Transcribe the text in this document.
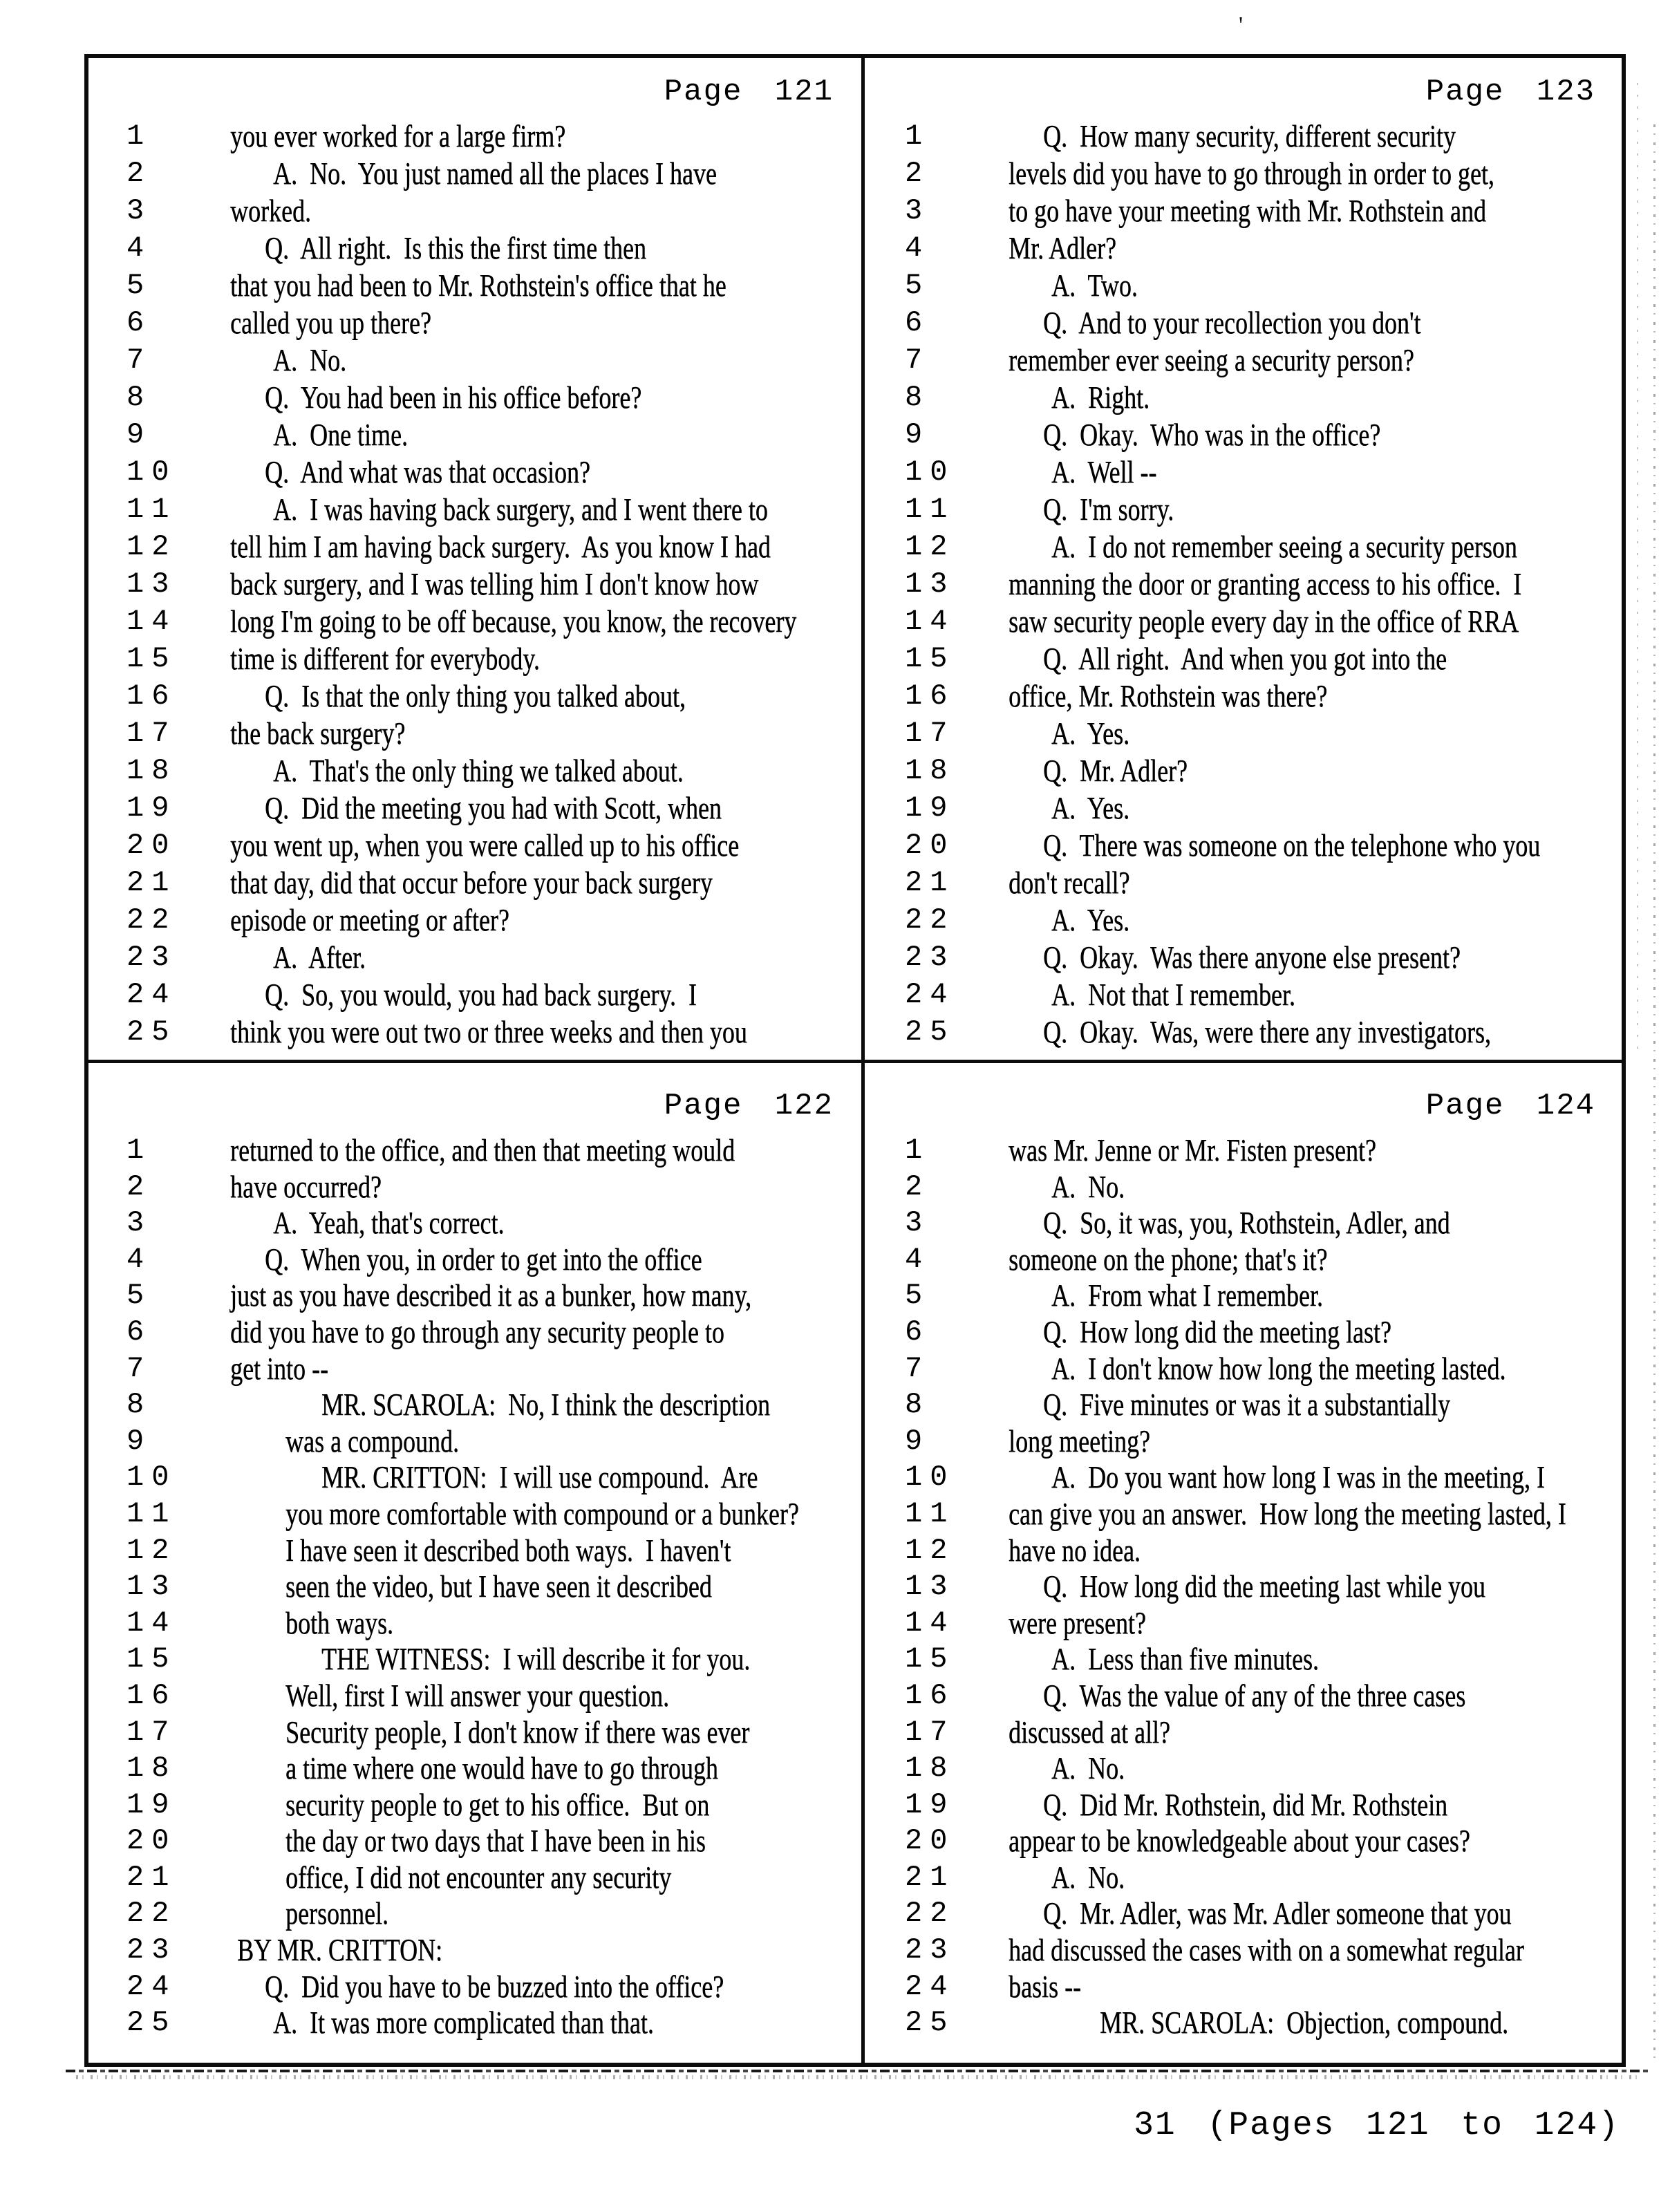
'
Page 121
1	you ever worked for a large firm?
2	A.  No.  You just named all the places I have
3	worked.
4	Q.  All right.  Is this the first time then
5	that you had been to Mr. Rothstein's office that he
6	called you up there?
7	A.  No.
8	Q.  You had been in his office before?
9	A.  One time.
10	Q.  And what was that occasion?
11	A.  I was having back surgery, and I went there to
12	tell him I am having back surgery.  As you know I had
13	back surgery, and I was telling him I don't know how
14	long I'm going to be off because, you know, the recovery
15	time is different for everybody.
16	Q.  Is that the only thing you talked about,
17	the back surgery?
18	A.  That's the only thing we talked about.
19	Q.  Did the meeting you had with Scott, when
20	you went up, when you were called up to his office
21	that day, did that occur before your back surgery
22	episode or meeting or after?
23	A.  After.
24	Q.  So, you would, you had back surgery.  I
25	think you were out two or three weeks and then you
Page 123
1	Q.  How many security, different security
2	levels did you have to go through in order to get,
3	to go have your meeting with Mr. Rothstein and
4	Mr. Adler?
5	A.  Two.
6	Q.  And to your recollection you don't
7	remember ever seeing a security person?
8	A.  Right.
9	Q.  Okay.  Who was in the office?
10	A.  Well --
11	Q.  I'm sorry.
12	A.  I do not remember seeing a security person
13	manning the door or granting access to his office.  I
14	saw security people every day in the office of RRA
15	Q.  All right.  And when you got into the
16	office, Mr. Rothstein was there?
17	A.  Yes.
18	Q.  Mr. Adler?
19	A.  Yes.
20	Q.  There was someone on the telephone who you
21	don't recall?
22	A.  Yes.
23	Q.  Okay.  Was there anyone else present?
24	A.  Not that I remember.
25	Q.  Okay.  Was, were there any investigators,
Page 122
1	returned to the office, and then that meeting would
2	have occurred?
3	A.  Yeah, that's correct.
4	Q.  When you, in order to get into the office
5	just as you have described it as a bunker, how many,
6	did you have to go through any security people to
7	get into --
8	MR. SCAROLA:  No, I think the description
9	was a compound.
10	MR. CRITTON:  I will use compound.  Are
11	you more comfortable with compound or a bunker?
12	I have seen it described both ways.  I haven't
13	seen the video, but I have seen it described
14	both ways.
15	THE WITNESS:  I will describe it for you.
16	Well, first I will answer your question.
17	Security people, I don't know if there was ever
18	a time where one would have to go through
19	security people to get to his office.  But on
20	the day or two days that I have been in his
21	office, I did not encounter any security
22	personnel.
23	BY MR. CRITTON:
24	Q.  Did you have to be buzzed into the office?
25	A.  It was more complicated than that.
Page 124
1	was Mr. Jenne or Mr. Fisten present?
2	A.  No.
3	Q.  So, it was, you, Rothstein, Adler, and
4	someone on the phone; that's it?
5	A.  From what I remember.
6	Q.  How long did the meeting last?
7	A.  I don't know how long the meeting lasted.
8	Q.  Five minutes or was it a substantially
9	long meeting?
10	A.  Do you want how long I was in the meeting, I
11	can give you an answer.  How long the meeting lasted, I
12	have no idea.
13	Q.  How long did the meeting last while you
14	were present?
15	A.  Less than five minutes.
16	Q.  Was the value of any of the three cases
17	discussed at all?
18	A.  No.
19	Q.  Did Mr. Rothstein, did Mr. Rothstein
20	appear to be knowledgeable about your cases?
21	A.  No.
22	Q.  Mr. Adler, was Mr. Adler someone that you
23	had discussed the cases with on a somewhat regular
24	basis --
25	MR. SCAROLA:  Objection, compound.
31 (Pages 121 to 124)
